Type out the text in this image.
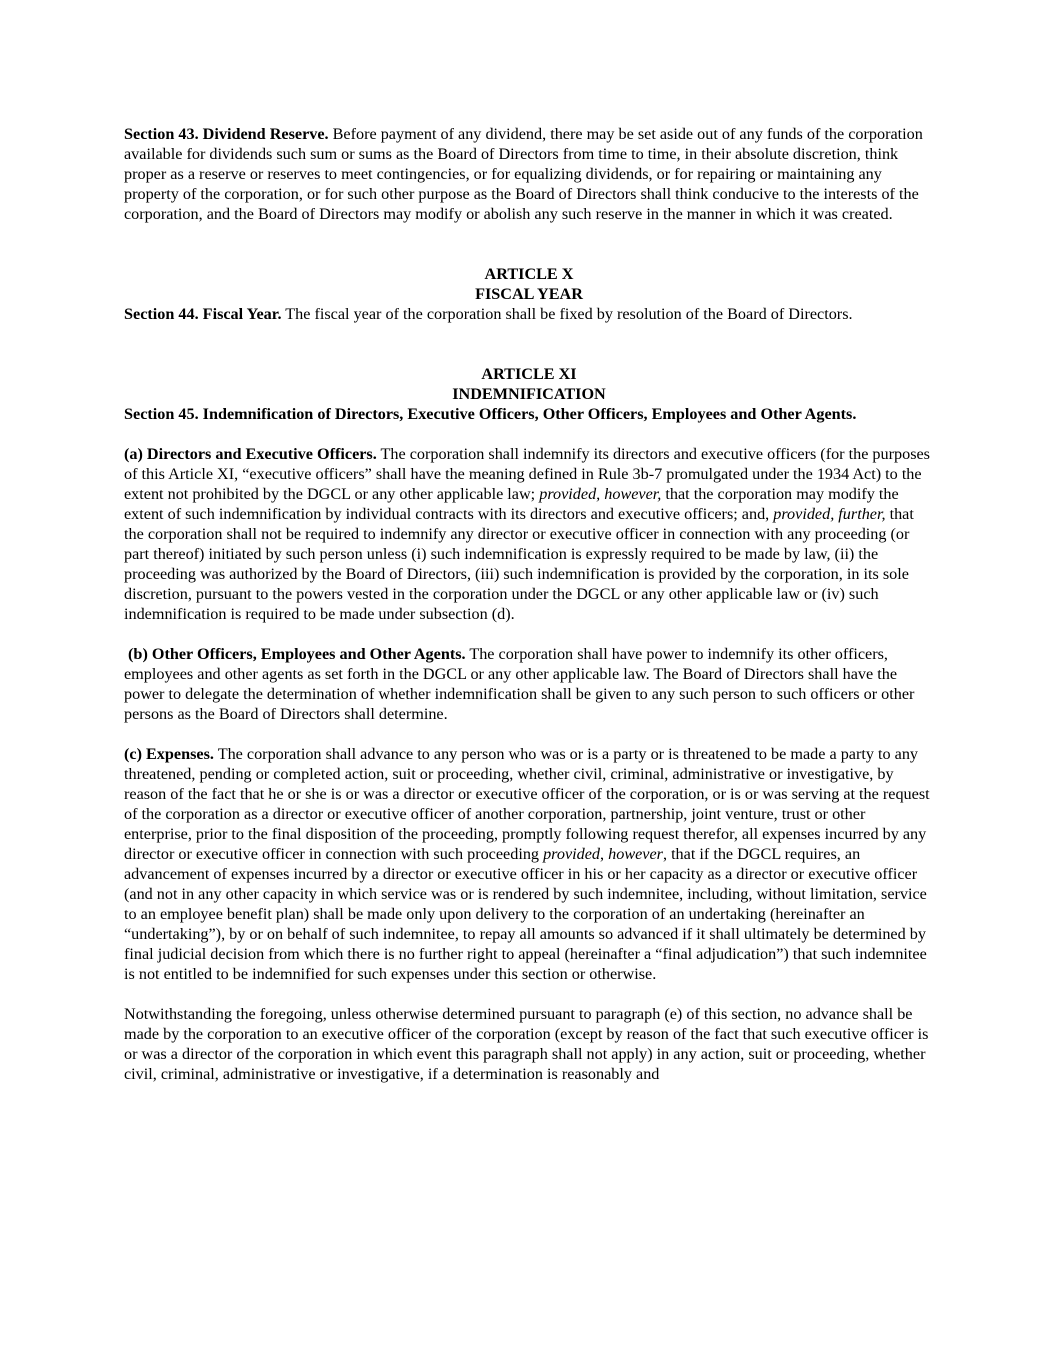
Section 43. Dividend Reserve. Before payment of any dividend, there may be set aside out of any funds of the corporation available for dividends such sum or sums as the Board of Directors from time to time, in their absolute discretion, think proper as a reserve or reserves to meet contingencies, or for equalizing dividends, or for repairing or maintaining any property of the corporation, or for such other purpose as the Board of Directors shall think conducive to the interests of the corporation, and the Board of Directors may modify or abolish any such reserve in the manner in which it was created.

ARTICLE X

FISCAL YEAR

Section 44. Fiscal Year. The fiscal year of the corporation shall be fixed by resolution of the Board of Directors.

ARTICLE XI

INDEMNIFICATION

Section 45. Indemnification of Directors, Executive Officers, Other Officers, Employees and Other Agents.

(a) Directors and Executive Officers. The corporation shall indemnify its directors and executive officers (for the purposes of this Article XI, “executive officers” shall have the meaning defined in Rule 3b-7 promulgated under the 1934 Act) to the extent not prohibited by the DGCL or any other applicable law; provided, however, that the corporation may modify the extent of such indemnification by individual contracts with its directors and executive officers; and, provided, further, that the corporation shall not be required to indemnify any director or executive officer in connection with any proceeding (or part thereof) initiated by such person unless (i) such indemnification is expressly required to be made by law, (ii) the proceeding was authorized by the Board of Directors, (iii) such indemnification is provided by the corporation, in its sole discretion, pursuant to the powers vested in the corporation under the DGCL or any other applicable law or (iv) such indemnification is required to be made under subsection (d).

(b) Other Officers, Employees and Other Agents. The corporation shall have power to indemnify its other officers, employees and other agents as set forth in the DGCL or any other applicable law. The Board of Directors shall have the power to delegate the determination of whether indemnification shall be given to any such person to such officers or other persons as the Board of Directors shall determine.

(c) Expenses. The corporation shall advance to any person who was or is a party or is threatened to be made a party to any threatened, pending or completed action, suit or proceeding, whether civil, criminal, administrative or investigative, by reason of the fact that he or she is or was a director or executive officer of the corporation, or is or was serving at the request of the corporation as a director or executive officer of another corporation, partnership, joint venture, trust or other enterprise, prior to the final disposition of the proceeding, promptly following request therefor, all expenses incurred by any director or executive officer in connection with such proceeding provided, however, that if the DGCL requires, an advancement of expenses incurred by a director or executive officer in his or her capacity as a director or executive officer (and not in any other capacity in which service was or is rendered by such indemnitee, including, without limitation, service to an employee benefit plan) shall be made only upon delivery to the corporation of an undertaking (hereinafter an “undertaking”), by or on behalf of such indemnitee, to repay all amounts so advanced if it shall ultimately be determined by final judicial decision from which there is no further right to appeal (hereinafter a “final adjudication”) that such indemnitee is not entitled to be indemnified for such expenses under this section or otherwise.

Notwithstanding the foregoing, unless otherwise determined pursuant to paragraph (e) of this section, no advance shall be made by the corporation to an executive officer of the corporation (except by reason of the fact that such executive officer is or was a director of the corporation in which event this paragraph shall not apply) in any action, suit or proceeding, whether civil, criminal, administrative or investigative, if a determination is reasonably and
